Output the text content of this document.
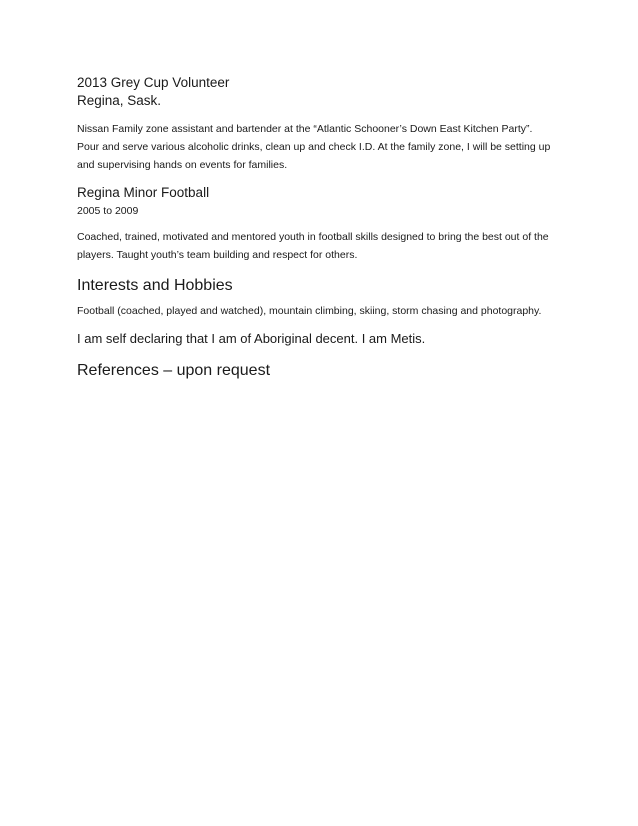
2013 Grey Cup Volunteer
Regina, Sask.
Nissan Family zone assistant and bartender at the “Atlantic Schooner’s Down East Kitchen Party”. Pour and serve various alcoholic drinks, clean up and check I.D. At the family zone, I will be setting up and supervising hands on events for families.
Regina Minor Football
2005 to 2009
Coached, trained, motivated and mentored youth in football skills designed to bring the best out of the players. Taught youth’s team building and respect for others.
Interests and Hobbies
Football (coached, played and watched), mountain climbing, skiing, storm chasing and photography.
I am self declaring that I am of Aboriginal decent. I am Metis.
References – upon request
